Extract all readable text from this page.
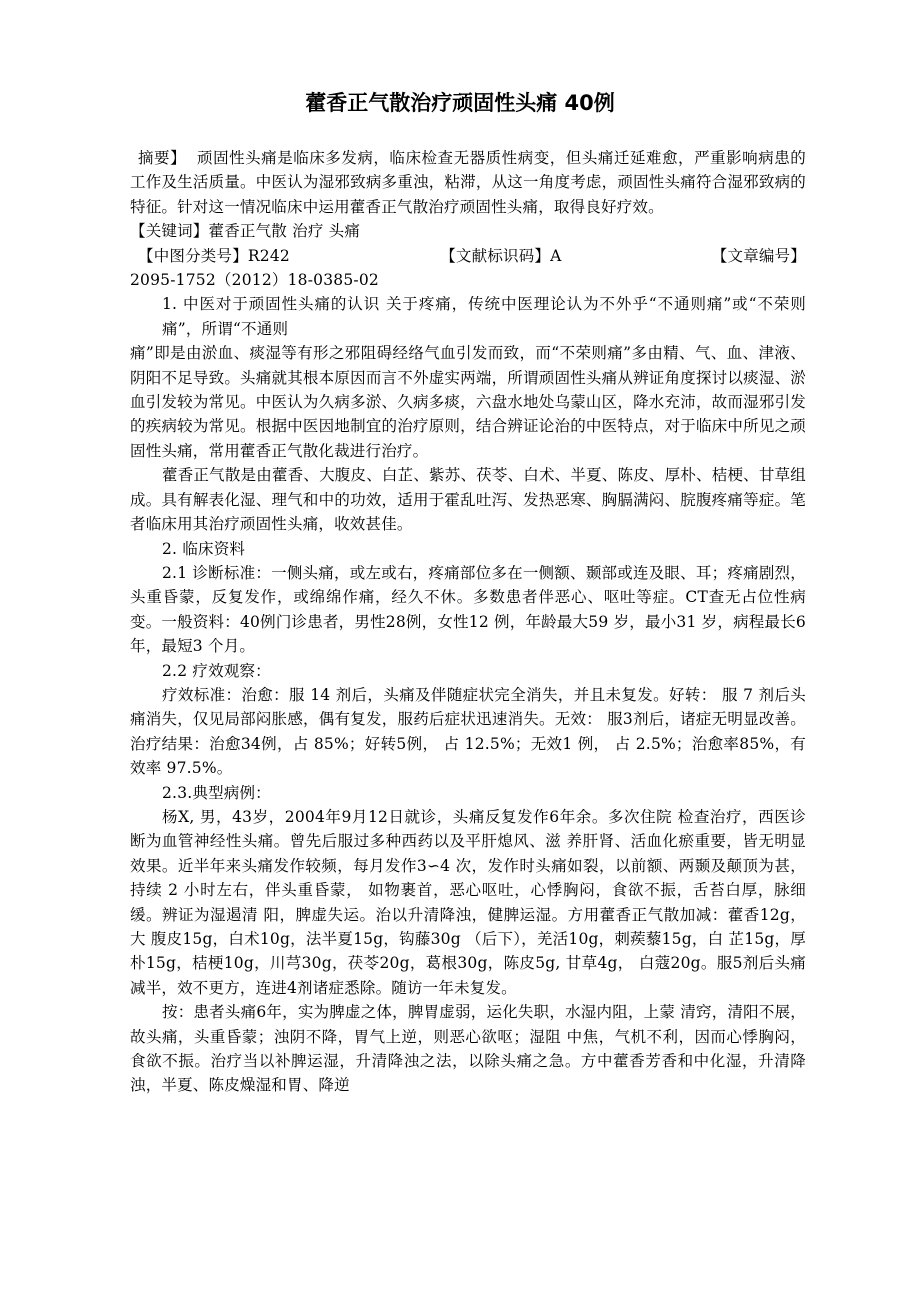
藿香正气散治疗顽固性头痛 40例

摘要】 顽固性头痛是临床多发病，临床检查无器质性病变，但头痛迁延难愈，严重影响病患的工作及生活质量。中医认为湿邪致病多重浊，粘滞，从这一角度考虑，顽固性头痛符合湿邪致病的特征。针对这一情况临床中运用藿香正气散治疗顽固性头痛，取得良好疗效。

【关键词】藿香正气散 治疗 头痛

【中图分类号】R242	【文献标识码】A	【文章编号】

2095-1752（2012）18-0385-02

1. 中医对于顽固性头痛的认识 关于疼痛，传统中医理论认为不外乎“不通则痛”或“不荣则痛”，所谓“不通则

痛”即是由淤血、痰湿等有形之邪阻碍经络气血引发而致，而“不荣则痛”多由精、气、血、津液、阴阳不足导致。头痛就其根本原因而言不外虚实两端，所谓顽固性头痛从辨证角度探讨以痰湿、淤血引发较为常见。中医认为久病多淤、久病多痰，六盘水地处乌蒙山区，降水充沛，故而湿邪引发的疾病较为常见。根据中医因地制宜的治疗原则，结合辨证论治的中医特点，对于临床中所见之顽固性头痛，常用藿香正气散化裁进行治疗。

藿香正气散是由藿香、大腹皮、白芷、紫苏、茯苓、白术、半夏、陈皮、厚朴、桔梗、甘草组成。具有解表化湿、理气和中的功效，适用于霍乱吐泻、发热恶寒、胸膈满闷、脘腹疼痛等症。笔者临床用其治疗顽固性头痛，收效甚佳。

2. 临床资料

2.1 诊断标准：一侧头痛，或左或右，疼痛部位多在一侧额、颞部或连及眼、耳；疼痛剧烈，头重昏蒙，反复发作，或绵绵作痛，经久不休。多数患者伴恶心、呕吐等症。CT查无占位性病变。一般资料：40例门诊患者，男性28例，女性12 例，年龄最大59 岁，最小31 岁，病程最长6 年，最短3 个月。

2.2 疗效观察：

疗效标准：治愈：服 14 剂后，头痛及伴随症状完全消失，并且未复发。好转： 服 7 剂后头痛消失，仅见局部闷胀感，偶有复发，服药后症状迅速消失。无效： 服3剂后，诸症无明显改善。治疗结果：治愈34例，占 85%；好转5例， 占 12.5%；无效1 例， 占 2.5%；治愈率85%，有效率 97.5%。

2.3.典型病例：

杨X, 男，43岁，2004年9月12日就诊，头痛反复发作6年余。多次住院 检查治疗，西医诊断为血管神经性头痛。曾先后服过多种西药以及平肝熄风、滋 养肝肾、活血化瘀重要，皆无明显效果。近半年来头痛发作较频，每月发作3∽4 次，发作时头痛如裂，以前额、两颞及颠顶为甚，持续 2 小时左右，伴头重昏蒙， 如物裹首，恶心呕吐，心悸胸闷，食欲不振，舌苔白厚，脉细缓。辨证为湿遏清 阳，脾虚失运。治以升清降浊，健脾运湿。方用藿香正气散加减：藿香12g，大 腹皮15g，白术10g，法半夏15g，钩藤30g （后下），羌活10g，刺蒺藜15g，白 芷15g，厚朴15g，桔梗10g，川芎30g，茯苓20g，葛根30g，陈皮5g, 甘草4g， 白蔻20g。服5剂后头痛减半，效不更方，连进4剂诸症悉除。随访一年未复发。

按：患者头痛6年，实为脾虚之体，脾胃虚弱，运化失职，水湿内阻，上蒙 清窍，清阳不展，故头痛，头重昏蒙；浊阴不降，胃气上逆，则恶心欲呕；湿阻 中焦，气机不利，因而心悸胸闷，食欲不振。治疗当以补脾运湿，升清降浊之法，以除头痛之急。方中藿香芳香和中化湿，升清降浊，半夏、陈皮燥湿和胃、降逆
